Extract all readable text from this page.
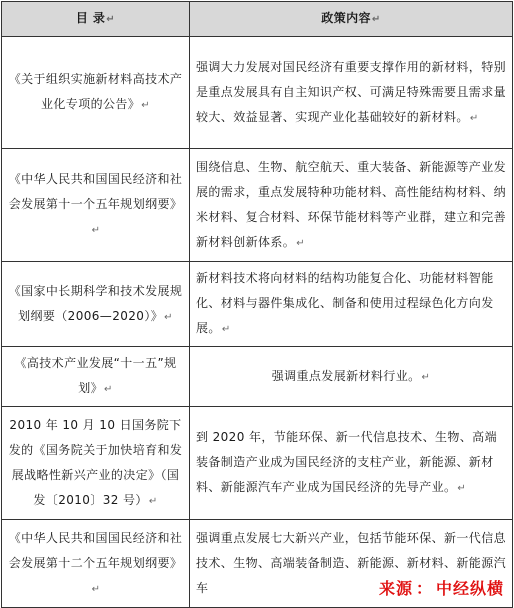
目 录↵	政策内容↵
《关于组织实施新材料高技术产业化专项的公告》↵	强调大力发展对国民经济有重要支撑作用的新材料，特别是重点发展具有自主知识产权、可满足特殊需要且需求量较大、效益显著、实现产业化基础较好的新材料。↵
《中华人民共和国国民经济和社会发展第十一个五年规划纲要》↵	围绕信息、生物、航空航天、重大装备、新能源等产业发展的需求，重点发展特种功能材料、高性能结构材料、纳米材料、复合材料、环保节能材料等产业群，建立和完善新材料创新体系。↵
《国家中长期科学和技术发展规划纲要（2006—2020）》↵	新材料技术将向材料的结构功能复合化、功能材料智能化、材料与器件集成化、制备和使用过程绿色化方向发展。↵
《高技术产业发展“十一五”规划》↵	强调重点发展新材料行业。↵
2010 年 10 月 10 日国务院下发的《国务院关于加快培育和发展战略性新兴产业的决定》（国发〔2010〕32 号）↵	到 2020 年，节能环保、新一代信息技术、生物、高端装备制造产业成为国民经济的支柱产业，新能源、新材料、新能源汽车产业成为国民经济的先导产业。↵
《中华人民共和国国民经济和社会发展第十二个五年规划纲要》↵	强调重点发展七大新兴产业，包括节能环保、新一代信息技术、生物、高端装备制造、新能源、新材料、新能源汽车	来源 ： 中经纵横
